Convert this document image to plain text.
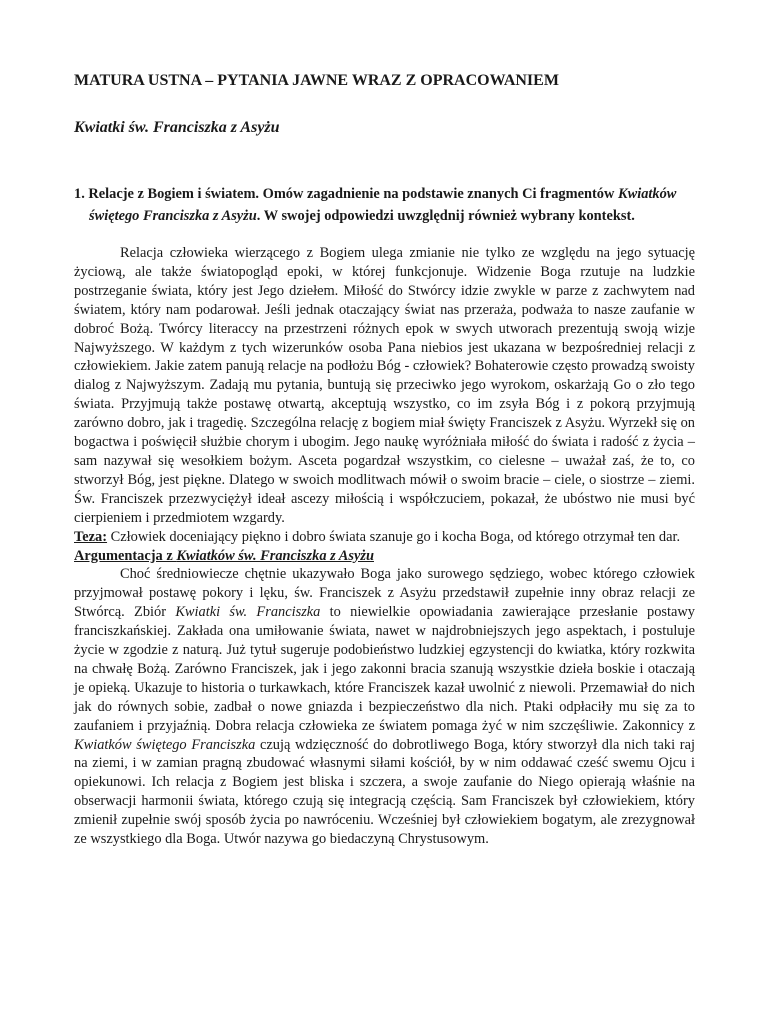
MATURA USTNA – PYTANIA JAWNE WRAZ Z OPRACOWANIEM
Kwiatki św. Franciszka z Asyżu

1. Relacje z Bogiem i światem. Omów zagadnienie na podstawie znanych Ci fragmentów Kwiatków świętego Franciszka z Asyżu. W swojej odpowiedzi uwzględnij również wybrany kontekst.

Relacja człowieka wierzącego z Bogiem ulega zmianie nie tylko ze względu na jego sytuację życiową, ale także światopogląd epoki, w której funkcjonuje. Widzenie Boga rzutuje na ludzkie postrzeganie świata, który jest Jego dziełem. Miłość do Stwórcy idzie zwykle w parze z zachwytem nad światem, który nam podarował. Jeśli jednak otaczający świat nas przeraża, podważa to nasze zaufanie w dobroć Bożą. Twórcy literaccy na przestrzeni różnych epok w swych utworach prezentują swoją wizje Najwyższego. W każdym z tych wizerunków osoba Pana niebios jest ukazana w bezpośredniej relacji z człowiekiem. Jakie zatem panują relacje na podłożu Bóg - człowiek? Bohaterowie często prowadzą swoisty dialog z Najwyższym. Zadają mu pytania, buntują się przeciwko jego wyrokom, oskarżają Go o zło tego świata. Przyjmują także postawę otwartą, akceptują wszystko, co im zsyła Bóg i z pokorą przyjmują zarówno dobro, jak i tragedię. Szczególna relację z bogiem miał święty Franciszek z Asyżu. Wyrzekł się on bogactwa i poświęcił służbie chorym i ubogim. Jego naukę wyróżniała miłość do świata i radość z życia – sam nazywał się wesołkiem bożym. Asceta pogardzał wszystkim, co cielesne – uważał zaś, że to, co stworzył Bóg, jest piękne. Dlatego w swoich modlitwach mówił o swoim bracie – ciele, o siostrze – ziemi. Św. Franciszek przezwyciężył ideał ascezy miłością i współczuciem, pokazał, że ubóstwo nie musi być cierpieniem i przedmiotem wzgardy.

Teza: Człowiek doceniający piękno i dobro świata szanuje go i kocha Boga, od którego otrzymał ten dar.

Argumentacja z Kwiatków św. Franciszka z Asyżu

Choć średniowiecze chętnie ukazywało Boga jako surowego sędziego, wobec którego człowiek przyjmował postawę pokory i lęku, św. Franciszek z Asyżu przedstawił zupełnie inny obraz relacji ze Stwórcą. Zbiór Kwiatki św. Franciszka to niewielkie opowiadania zawierające przesłanie postawy franciszkańskiej. Zakłada ona umiłowanie świata, nawet w najdrobniejszych jego aspektach, i postuluje życie w zgodzie z naturą. Już tytuł sugeruje podobieństwo ludzkiej egzystencji do kwiatka, który rozkwita na chwałę Bożą. Zarówno Franciszek, jak i jego zakonni bracia szanują wszystkie dzieła boskie i otaczają je opieką. Ukazuje to historia o turkawkach, które Franciszek kazał uwolnić z niewoli. Przemawiał do nich jak do równych sobie, zadbał o nowe gniazda i bezpieczeństwo dla nich. Ptaki odpłaciły mu się za to zaufaniem i przyjaźnią. Dobra relacja człowieka ze światem pomaga żyć w nim szczęśliwie. Zakonnicy z Kwiatków świętego Franciszka czują wdzięczność do dobrotliwego Boga, który stworzył dla nich taki raj na ziemi, i w zamian pragną zbudować własnymi siłami kościół, by w nim oddawać cześć swemu Ojcu i opiekunowi. Ich relacja z Bogiem jest bliska i szczera, a swoje zaufanie do Niego opierają właśnie na obserwacji harmonii świata, którego czują się integracją częścią. Sam Franciszek był człowiekiem, który zmienił zupełnie swój sposób życia po nawróceniu. Wcześniej był człowiekiem bogatym, ale zrezygnował ze wszystkiego dla Boga. Utwór nazywa go biedaczyną Chrystusowym.
